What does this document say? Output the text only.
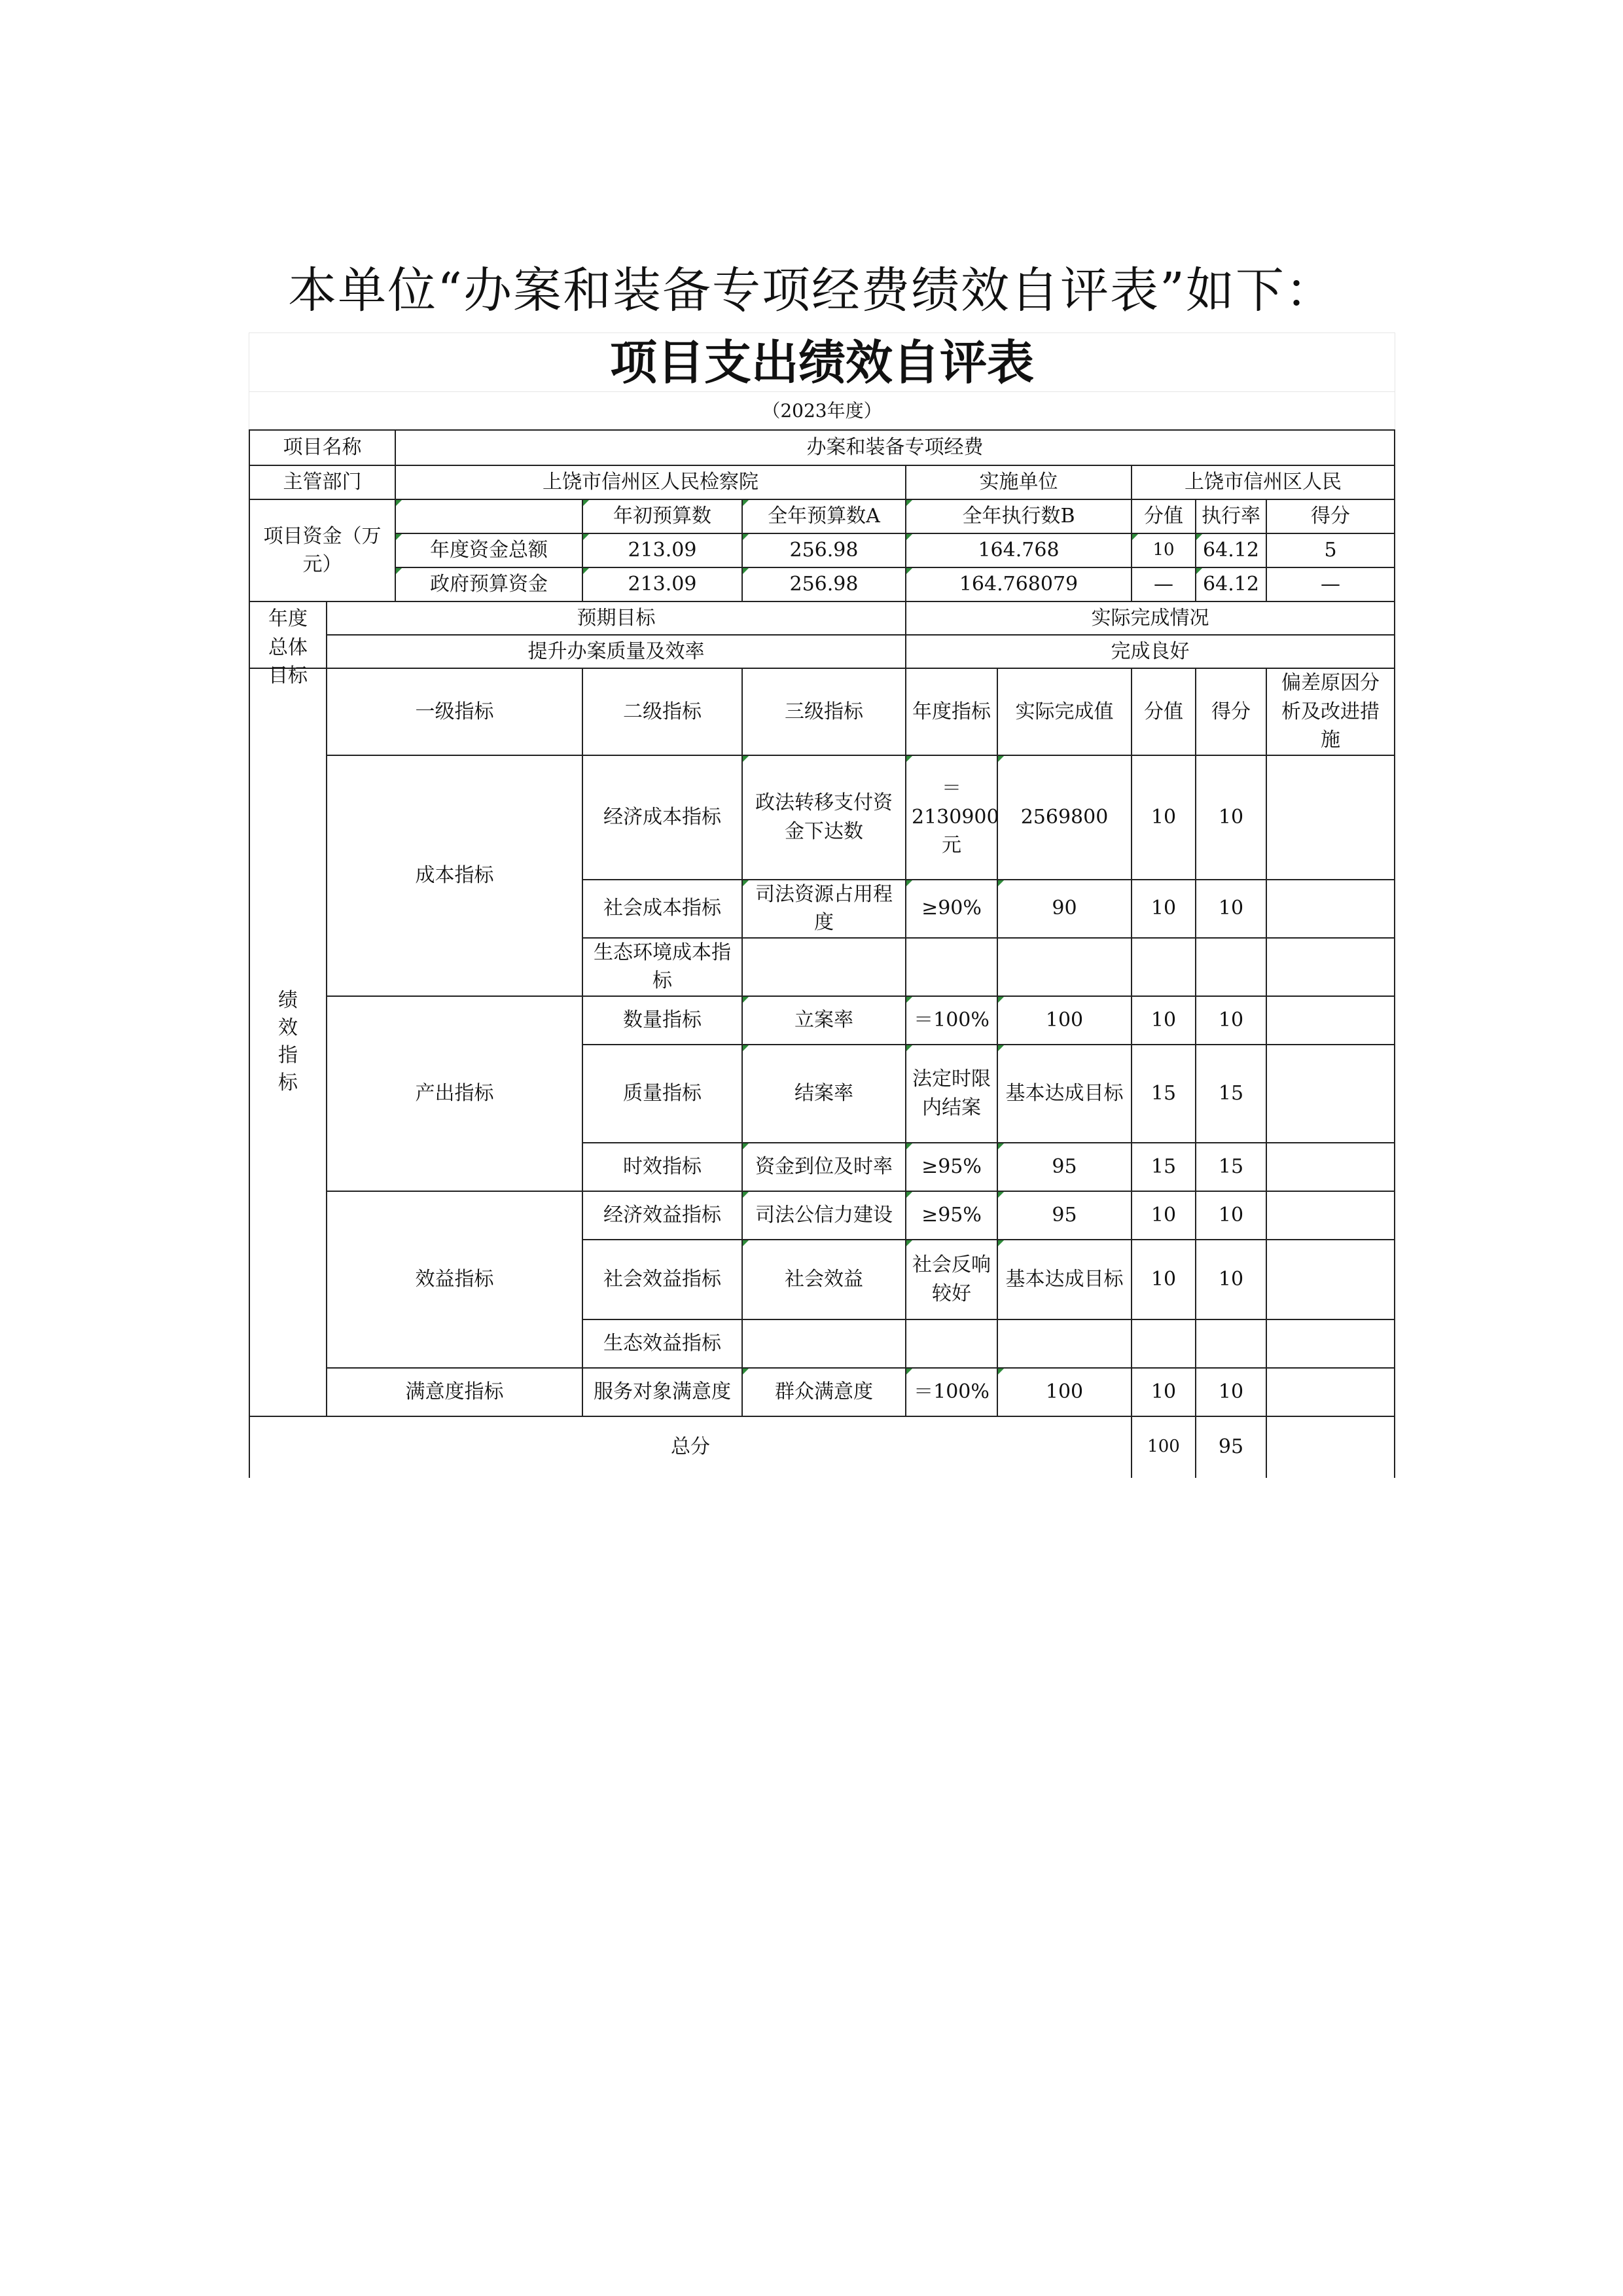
本单位“办案和装备专项经费绩效自评表”如下：
项目支出绩效自评表
（2023年度）
项目名称		办案和装备专项经费							
主管部门		上饶市信州区人民检察院			实施单位		上饶市信州区人民		
项目资金（万元）			年初预算数	全年预算数A	全年执行数B		分值	执行率	得分
		年度资金总额	213.09	256.98	164.768		10	64.12	5
		政府预算资金	213.09	256.98	164.768079		—	64.12	—

年度总体目标	预期目标				实际完成情况				
	提升办案质量及效率				完成良好				
绩效指标	一级指标		二级指标	三级指标	年度指标	实际完成值	分值	得分	偏差原因分析及改进措施
	成本指标		经济成本指标	政法转移支付资金下达数	＝2130900元	2569800	10	10	
			社会成本指标	司法资源占用程度	≥90%	90	10	10	
			生态环境成本指标						
	产出指标		数量指标	立案率	＝100%	100	10	10	
			质量指标	结案率	法定时限内结案	基本达成目标	15	15	
			时效指标	资金到位及时率	≥95%	95	15	15	
	效益指标		经济效益指标	司法公信力建设	≥95%	95	10	10	
			社会效益指标	社会效益	社会反响较好	基本达成目标	10	10	
			生态效益指标						
	满意度指标		服务对象满意度	群众满意度	＝100%	100	10	10	
总分							100	95	
